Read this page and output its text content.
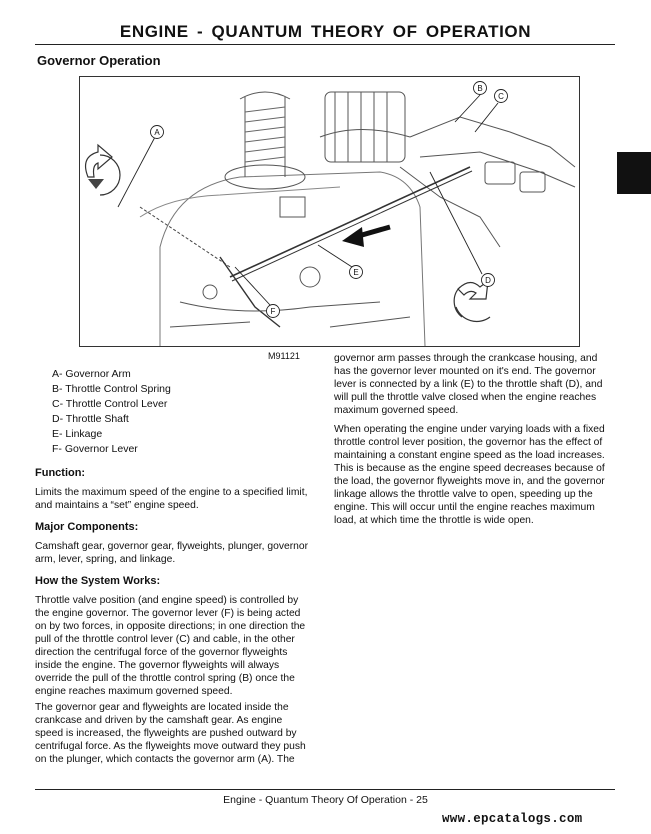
ENGINE - QUANTUM THEORY OF OPERATION
Governor Operation
A
B
C
D
E
F
M91121
A- Governor Arm
B- Throttle Control Spring
C- Throttle Control Lever
D- Throttle Shaft
E- Linkage
F- Governor Lever
Function:
Limits the maximum speed of the engine to a specified limit, and maintains a “set” engine speed.
Major Components:
Camshaft gear, governor gear, flyweights, plunger, governor arm, lever, spring, and linkage.
How the System Works:
Throttle valve position (and engine speed) is controlled by the engine governor. The governor lever (F) is being acted on by two forces, in opposite directions; in one direction the pull of the throttle control lever (C) and cable, in the other direction the centrifugal force of the governor flyweights inside the engine. The governor flyweights will always override the pull of the throttle control spring (B) once the engine reaches maximum governed speed.
The governor gear and flyweights are located inside the crankcase and driven by the camshaft gear. As engine speed is increased, the flyweights are pushed outward by centrifugal force. As the flyweights move outward they push on the plunger, which contacts the governor arm (A). The
governor arm passes through the crankcase housing, and has the governor lever mounted on it's end. The governor lever is connected by a link (E) to the throttle shaft (D), and will pull the throttle valve closed when the engine reaches maximum governed speed.
When operating the engine under varying loads with a fixed throttle control lever position, the governor has the effect of maintaining a constant engine speed as the load increases. This is because as the engine speed decreases because of the load, the governor flyweights move in, and the governor linkage allows the throttle valve to open, speeding up the engine. This will occur until the engine reaches maximum load, at which time the throttle is wide open.
Engine - Quantum Theory Of Operation - 25
www.epcatalogs.com
